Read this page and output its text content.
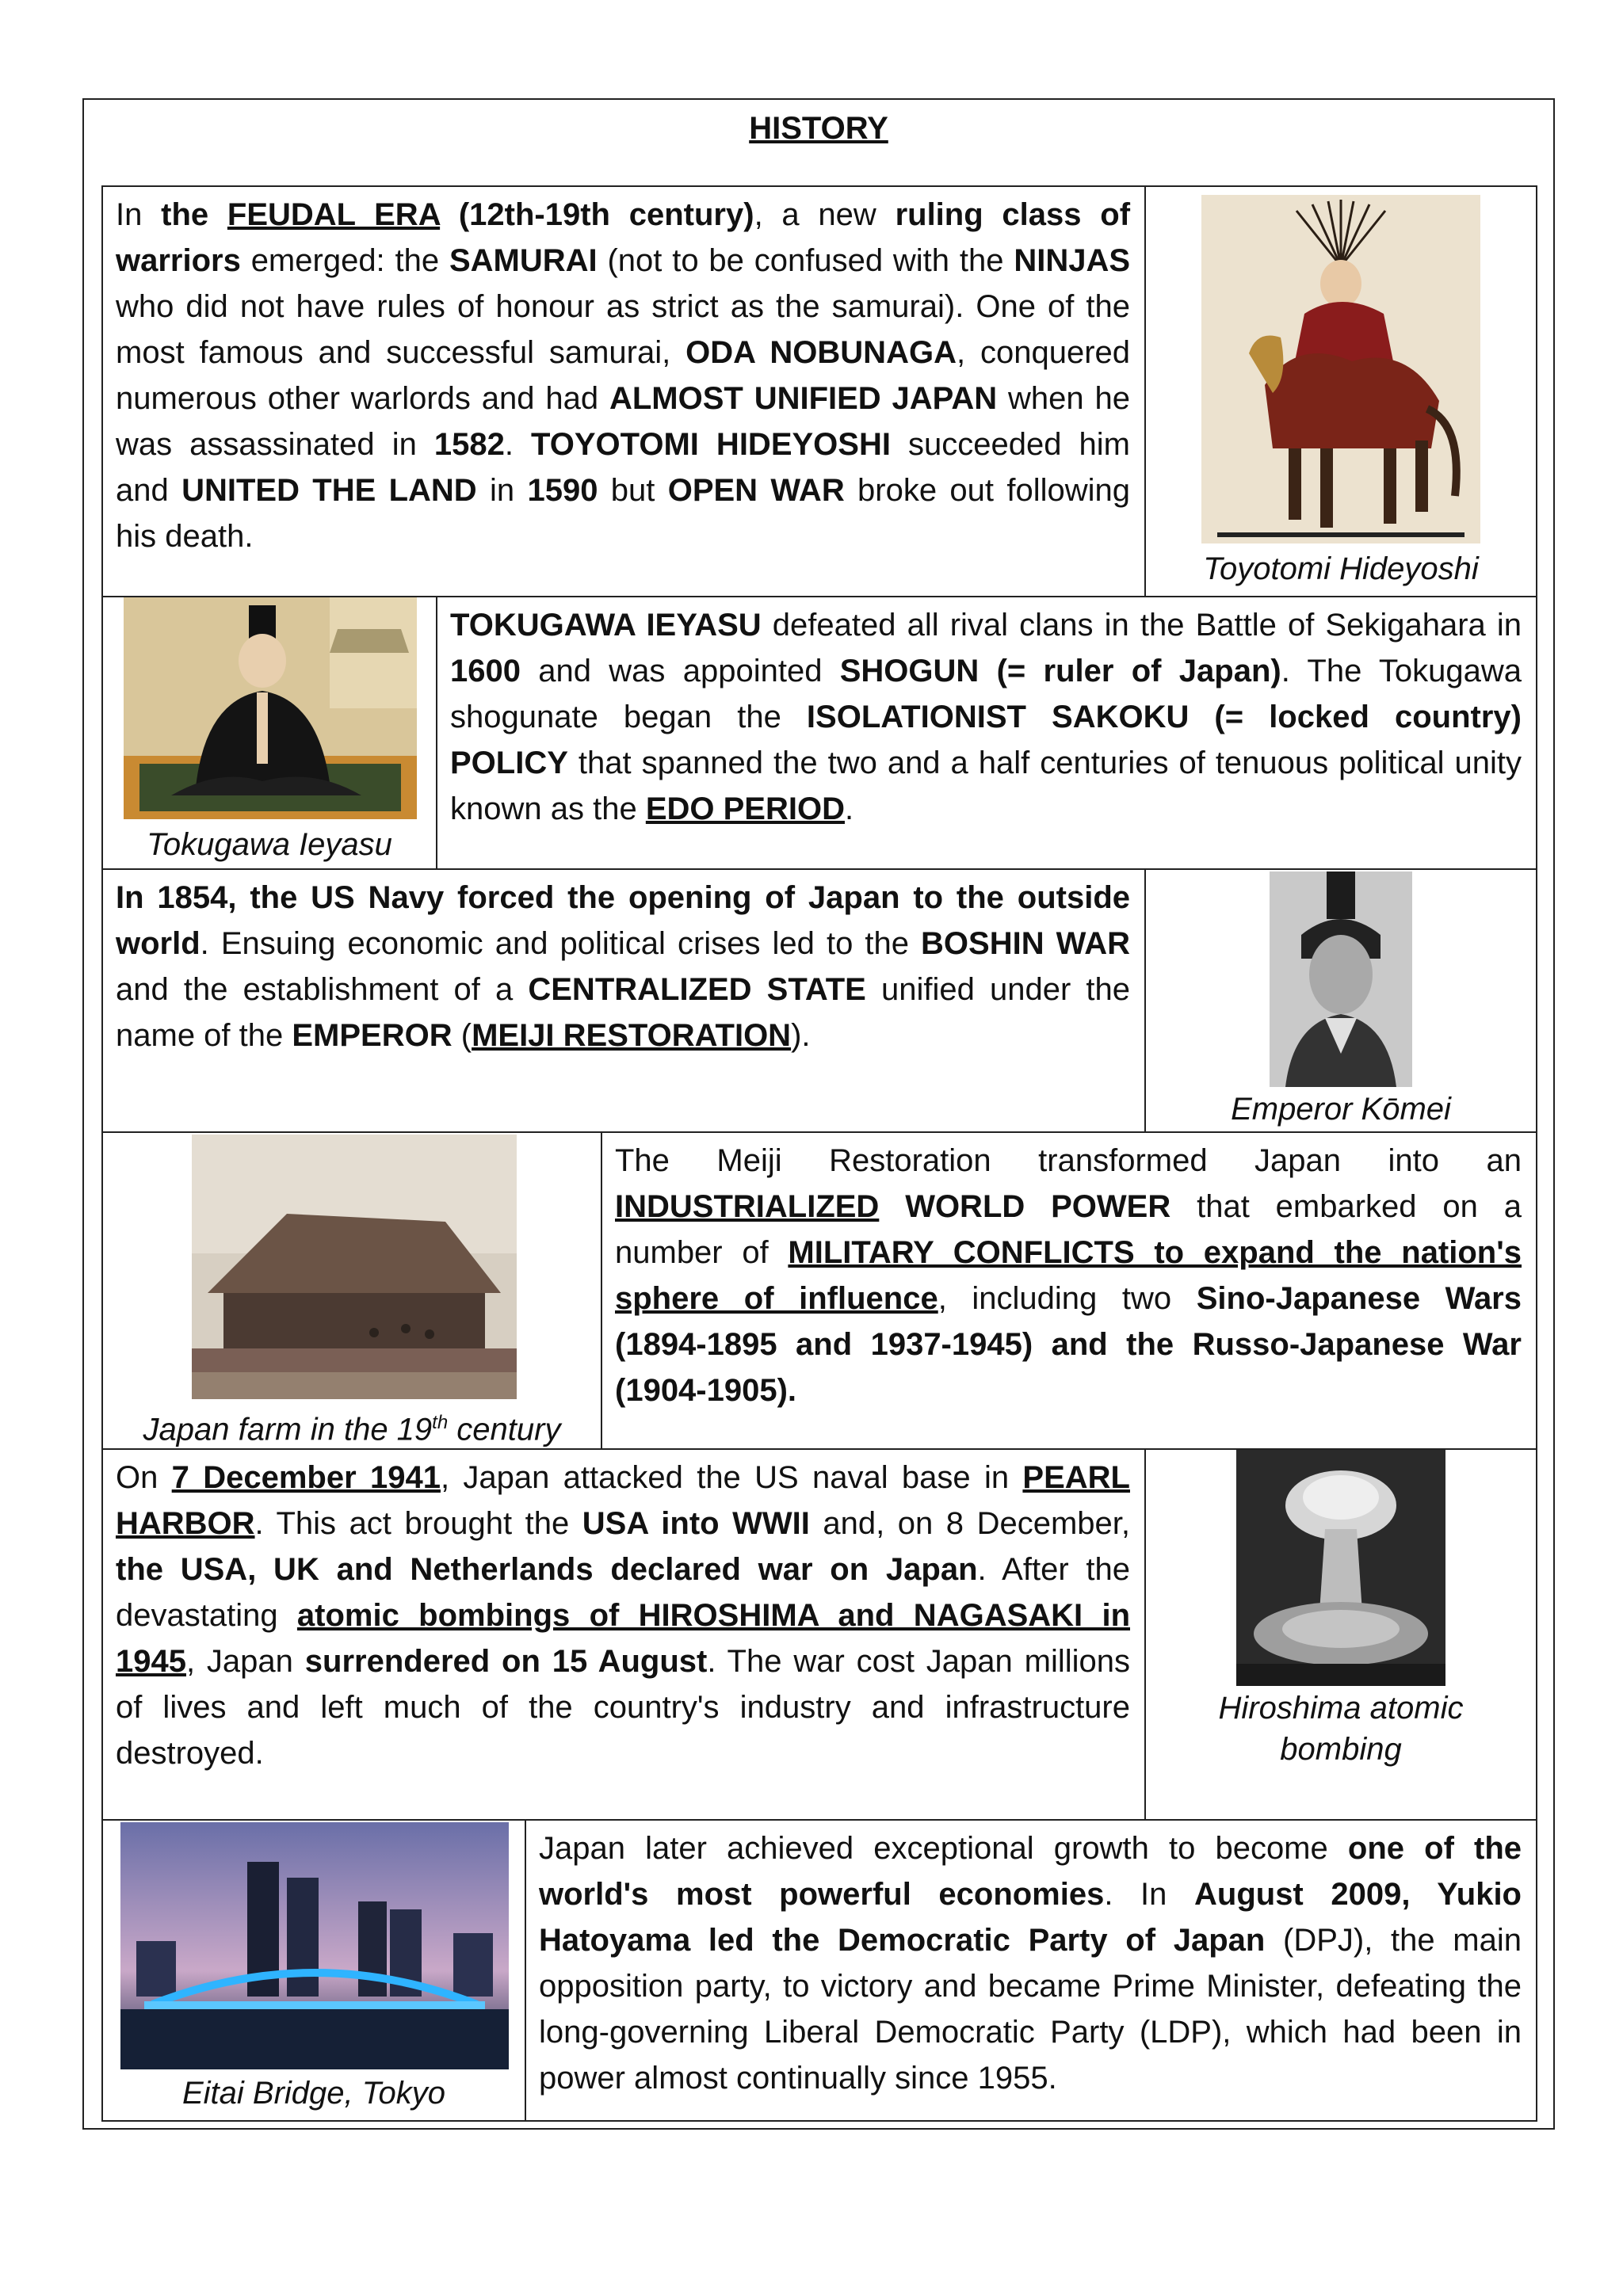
HISTORY
In the FEUDAL ERA (12th-19th century), a new ruling class of warriors emerged: the SAMURAI (not to be confused with the NINJAS who did not have rules of honour as strict as the samurai). One of the most famous and successful samurai, ODA NOBUNAGA, conquered numerous other warlords and had ALMOST UNIFIED JAPAN when he was assassinated in 1582. TOYOTOMI HIDEYOSHI succeeded him and UNITED THE LAND in 1590 but OPEN WAR broke out following his death.
Toyotomi Hideyoshi
Tokugawa Ieyasu
TOKUGAWA IEYASU defeated all rival clans in the Battle of Sekigahara in 1600 and was appointed SHOGUN (= ruler of Japan). The Tokugawa shogunate began the ISOLATIONIST SAKOKU (= locked country) POLICY that spanned the two and a half centuries of tenuous political unity known as the EDO PERIOD.
In 1854, the US Navy forced the opening of Japan to the outside world. Ensuing economic and political crises led to the BOSHIN WAR and the establishment of a CENTRALIZED STATE unified under the name of the EMPEROR (MEIJI RESTORATION).
Emperor Kōmei
Japan farm in the 19th century
The Meiji Restoration transformed Japan into an INDUSTRIALIZED WORLD POWER that embarked on a number of MILITARY CONFLICTS to expand the nation's sphere of influence, including two Sino-Japanese Wars (1894-1895 and 1937-1945) and the Russo-Japanese War (1904-1905).
On 7 December 1941, Japan attacked the US naval base in PEARL HARBOR. This act brought the USA into WWII and, on 8 December, the USA, UK and Netherlands declared war on Japan. After the devastating atomic bombings of HIROSHIMA and NAGASAKI in 1945, Japan surrendered on 15 August. The war cost Japan millions of lives and left much of the country's industry and infrastructure destroyed.
Hiroshima atomic bombing
Eitai Bridge, Tokyo
Japan later achieved exceptional growth to become one of the world's most powerful economies. In August 2009, Yukio Hatoyama led the Democratic Party of Japan (DPJ), the main opposition party, to victory and became Prime Minister, defeating the long-governing Liberal Democratic Party (LDP), which had been in power almost continually since 1955.
